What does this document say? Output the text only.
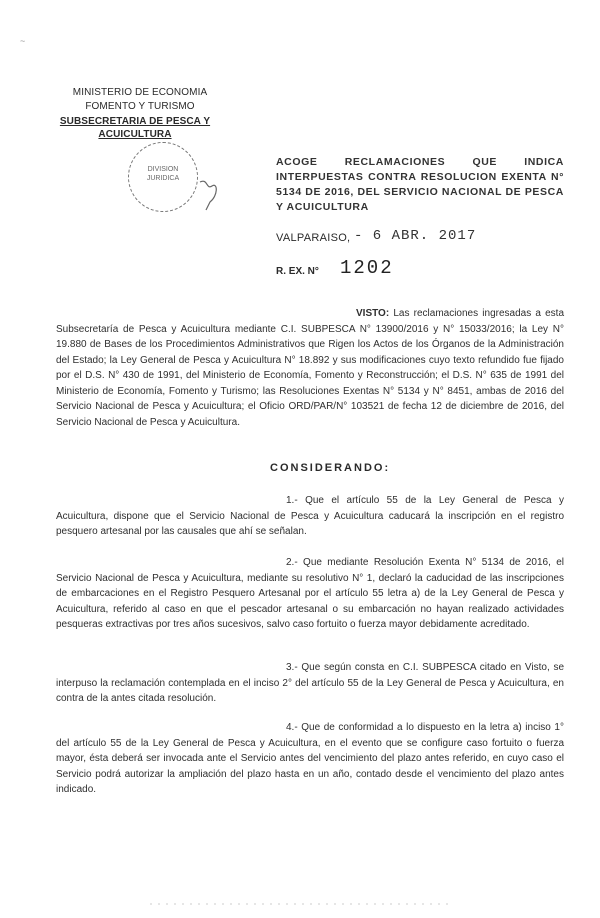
MINISTERIO DE ECONOMIA
FOMENTO Y TURISMO
SUBSECRETARIA DE PESCA Y ACUICULTURA
DIVISION
JURIDICA
~
ACOGE RECLAMACIONES QUE INDICA INTERPUESTAS CONTRA RESOLUCION EXENTA N° 5134 DE 2016, DEL SERVICIO NACIONAL DE PESCA Y ACUICULTURA
VALPARAISO, - 6 ABR. 2017
R. EX. N° 1202
VISTO: Las reclamaciones ingresadas a esta Subsecretaría de Pesca y Acuicultura mediante C.I. SUBPESCA N° 13900/2016 y N° 15033/2016; la Ley N° 19.880 de Bases de los Procedimientos Administrativos que Rigen los Actos de los Órganos de la Administración del Estado; la Ley General de Pesca y Acuicultura N° 18.892 y sus modificaciones cuyo texto refundido fue fijado por el D.S. N° 430 de 1991, del Ministerio de Economía, Fomento y Reconstrucción; el D.S. N° 635 de 1991 del Ministerio de Economía, Fomento y Turismo; las Resoluciones Exentas N° 5134 y N° 8451, ambas de 2016 del Servicio Nacional de Pesca y Acuicultura; el Oficio ORD/PAR/N° 103521 de fecha 12 de diciembre de 2016, del Servicio Nacional de Pesca y Acuicultura.
CONSIDERANDO:
1.- Que el artículo 55 de la Ley General de Pesca y Acuicultura, dispone que el Servicio Nacional de Pesca y Acuicultura caducará la inscripción en el registro pesquero artesanal por las causales que ahí se señalan.
2.- Que mediante Resolución Exenta N° 5134 de 2016, el Servicio Nacional de Pesca y Acuicultura, mediante su resolutivo N° 1, declaró la caducidad de las inscripciones de embarcaciones en el Registro Pesquero Artesanal por el artículo 55 letra a) de la Ley General de Pesca y Acuicultura, referido al caso en que el pescador artesanal o su embarcación no hayan realizado actividades pesqueras extractivas por tres años sucesivos, salvo caso fortuito o fuerza mayor debidamente acreditado.
3.- Que según consta en C.I. SUBPESCA citado en Visto, se interpuso la reclamación contemplada en el inciso 2° del artículo 55 de la Ley General de Pesca y Acuicultura, en contra de la antes citada resolución.
4.- Que de conformidad a lo dispuesto en la letra a) inciso 1° del artículo 55 de la Ley General de Pesca y Acuicultura, en el evento que se configure caso fortuito o fuerza mayor, ésta deberá ser invocada ante el Servicio antes del vencimiento del plazo antes referido, en cuyo caso el Servicio podrá autorizar la ampliación del plazo hasta en un año, contado desde el vencimiento del plazo antes indicado.
